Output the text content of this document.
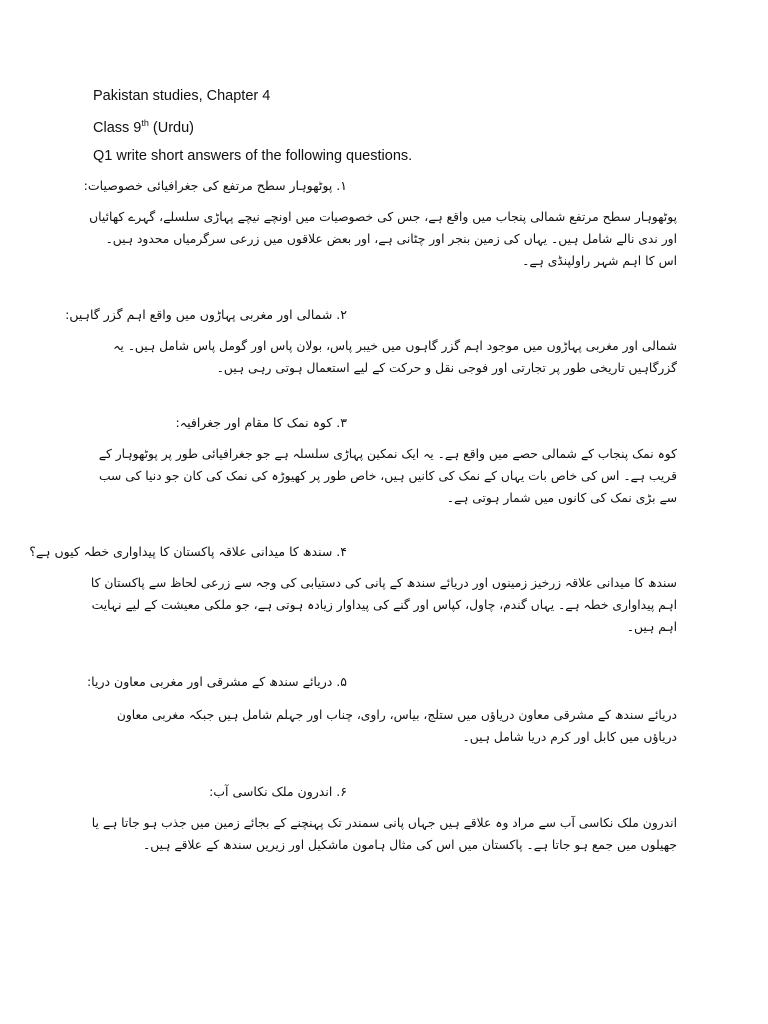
Pakistan studies, Chapter 4
Class 9th (Urdu)
Q1 write short answers of the following questions.
۱. پوٹھوہار سطح مرتفع کی جغرافیائی خصوصیات:
پوٹھوہار سطح مرتفع شمالی پنجاب میں واقع ہے، جس کی خصوصیات میں اونچے نیچے پہاڑی سلسلے، گہرے کھائیاں اور ندی نالے شامل ہیں۔ یہاں کی زمین بنجر اور چٹانی ہے، اور بعض علاقوں میں زرعی سرگرمیاں محدود ہیں۔ اس کا اہم شہر راولپنڈی ہے۔
۲. شمالی اور مغربی پہاڑوں میں واقع اہم گزر گاہیں:
شمالی اور مغربی پہاڑوں میں موجود اہم گزر گاہوں میں خیبر پاس، بولان پاس اور گومل پاس شامل ہیں۔ یہ گزرگاہیں تاریخی طور پر تجارتی اور فوجی نقل و حرکت کے لیے استعمال ہوتی رہی ہیں۔
۳. کوہ نمک کا مقام اور جغرافیہ:
کوہ نمک پنجاب کے شمالی حصے میں واقع ہے۔ یہ ایک نمکین پہاڑی سلسلہ ہے جو جغرافیائی طور پر پوٹھوہار کے قریب ہے۔ اس کی خاص بات یہاں کے نمک کی کانیں ہیں، خاص طور پر کھیوڑہ کی نمک کی کان جو دنیا کی سب سے بڑی نمک کی کانوں میں شمار ہوتی ہے۔
۴. سندھ کا میدانی علاقہ پاکستان کا پیداواری خطہ کیوں ہے؟
سندھ کا میدانی علاقہ زرخیز زمینوں اور دریائے سندھ کے پانی کی دستیابی کی وجہ سے زرعی لحاظ سے پاکستان کا اہم پیداواری خطہ ہے۔ یہاں گندم، چاول، کپاس اور گنے کی پیداوار زیادہ ہوتی ہے، جو ملکی معیشت کے لیے نہایت اہم ہیں۔
۵. دریائے سندھ کے مشرقی اور مغربی معاون دریا:
دریائے سندھ کے مشرقی معاون دریاؤں میں ستلج، بیاس، راوی، چناب اور جہلم شامل ہیں جبکہ مغربی معاون دریاؤں میں کابل اور کرم دریا شامل ہیں۔
۶. اندرون ملک نکاسی آب:
اندرون ملک نکاسی آب سے مراد وہ علاقے ہیں جہاں پانی سمندر تک پہنچنے کے بجائے زمین میں جذب ہو جاتا ہے یا جھیلوں میں جمع ہو جاتا ہے۔ پاکستان میں اس کی مثال ہامون ماشکیل اور زیریں سندھ کے علاقے ہیں۔
